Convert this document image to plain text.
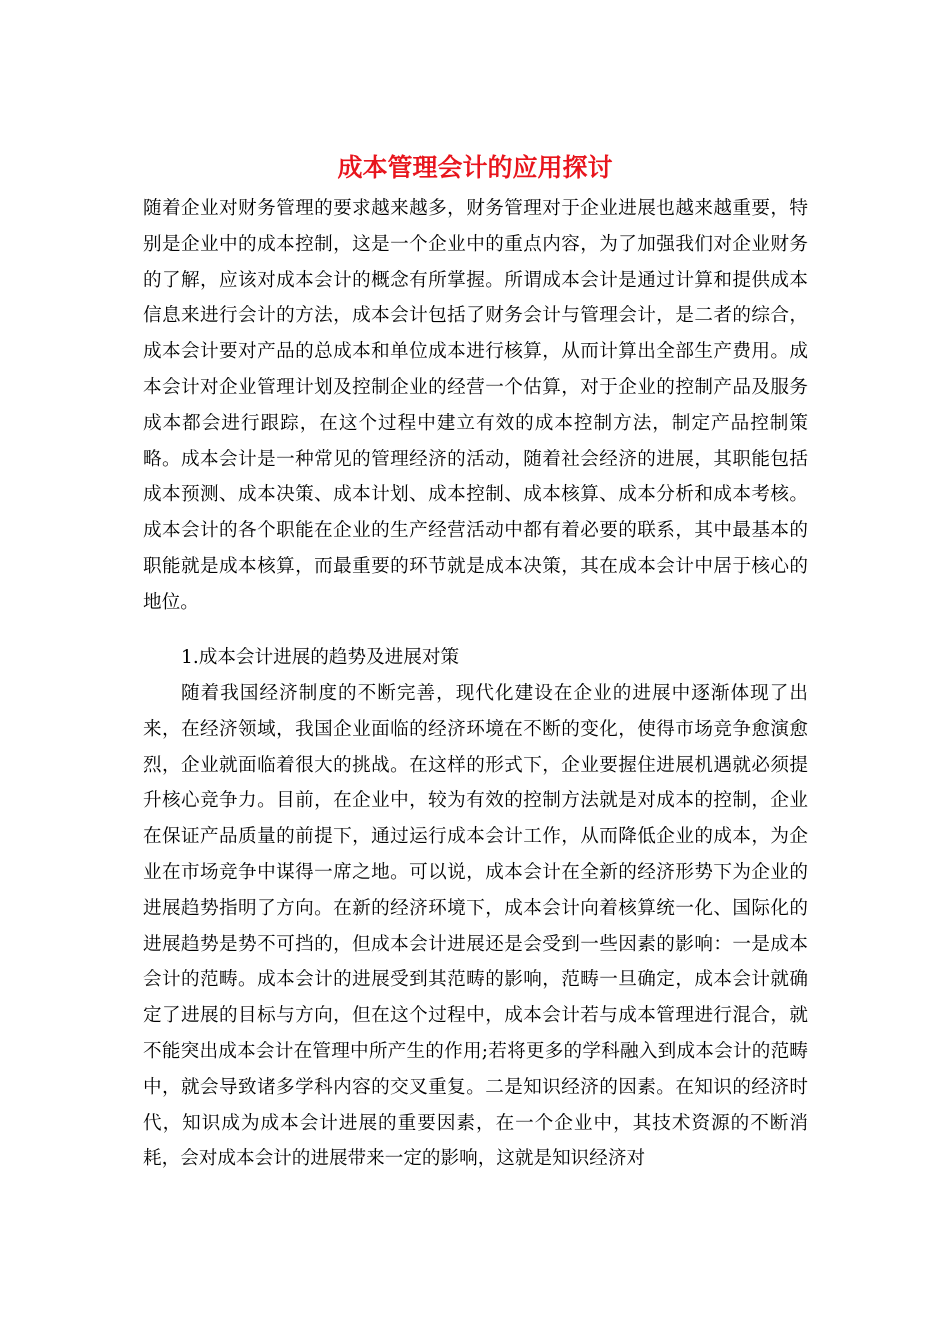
成本管理会计的应用探讨

随着企业对财务管理的要求越来越多，财务管理对于企业进展也越来越重要，特别是企业中的成本控制，这是一个企业中的重点内容，为了加强我们对企业财务的了解，应该对成本会计的概念有所掌握。所谓成本会计是通过计算和提供成本信息来进行会计的方法，成本会计包括了财务会计与管理会计，是二者的综合，成本会计要对产品的总成本和单位成本进行核算，从而计算出全部生产费用。成本会计对企业管理计划及控制企业的经营一个估算，对于企业的控制产品及服务成本都会进行跟踪，在这个过程中建立有效的成本控制方法，制定产品控制策略。成本会计是一种常见的管理经济的活动，随着社会经济的进展，其职能包括成本预测、成本决策、成本计划、成本控制、成本核算、成本分析和成本考核。成本会计的各个职能在企业的生产经营活动中都有着必要的联系，其中最基本的职能就是成本核算，而最重要的环节就是成本决策，其在成本会计中居于核心的地位。

1.成本会计进展的趋势及进展对策

随着我国经济制度的不断完善，现代化建设在企业的进展中逐渐体现了出来，在经济领域，我国企业面临的经济环境在不断的变化，使得市场竞争愈演愈烈，企业就面临着很大的挑战。在这样的形式下，企业要握住进展机遇就必须提升核心竞争力。目前，在企业中，较为有效的控制方法就是对成本的控制，企业在保证产品质量的前提下，通过运行成本会计工作，从而降低企业的成本，为企业在市场竞争中谋得一席之地。可以说，成本会计在全新的经济形势下为企业的进展趋势指明了方向。在新的经济环境下，成本会计向着核算统一化、国际化的进展趋势是势不可挡的，但成本会计进展还是会受到一些因素的影响：一是成本会计的范畴。成本会计的进展受到其范畴的影响，范畴一旦确定，成本会计就确定了进展的目标与方向，但在这个过程中，成本会计若与成本管理进行混合，就不能突出成本会计在管理中所产生的作用;若将更多的学科融入到成本会计的范畴中，就会导致诸多学科内容的交叉重复。二是知识经济的因素。在知识的经济时代，知识成为成本会计进展的重要因素，在一个企业中，其技术资源的不断消耗，会对成本会计的进展带来一定的影响，这就是知识经济对
